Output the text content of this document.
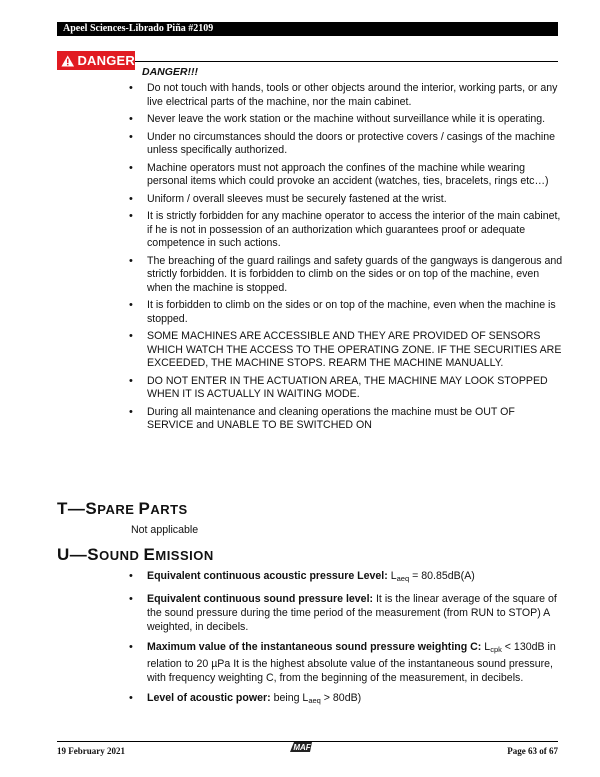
Apeel Sciences-Librado Piña #2109
DANGER
DANGER!!!
• Do not touch with hands, tools or other objects around the interior, working parts, or any live electrical parts of the machine, nor the main cabinet.
• Never leave the work station or the machine without surveillance while it is operating.
• Under no circumstances should the doors or protective covers / casings of the machine unless specifically authorized.
• Machine operators must not approach the confines of the machine while wearing personal items which could provoke an accident (watches, ties, bracelets, rings etc…)
• Uniform / overall sleeves must be securely fastened at the wrist.
• It is strictly forbidden for any machine operator to access the interior of the main cabinet, if he is not in possession of an authorization which guarantees proof or adequate competence in such actions.
• The breaching of the guard railings and safety guards of the gangways is dangerous and strictly forbidden. It is forbidden to climb on the sides or on top of the machine, even when the machine is stopped.
• It is forbidden to climb on the sides or on top of the machine, even when the machine is stopped.
• SOME MACHINES ARE ACCESSIBLE AND THEY ARE PROVIDED OF SENSORS WHICH WATCH THE ACCESS TO THE OPERATING ZONE. IF THE SECURITIES ARE EXCEEDED, THE MACHINE STOPS. REARM THE MACHINE MANUALLY.
• DO NOT ENTER IN THE ACTUATION AREA, THE MACHINE MAY LOOK STOPPED WHEN IT IS ACTUALLY IN WAITING MODE.
• During all maintenance and cleaning operations the machine must be OUT OF SERVICE and UNABLE TO BE SWITCHED ON
T—SPARE PARTS
Not applicable
U—SOUND EMISSION
• Equivalent continuous acoustic pressure Level: $L_{aeq} = 80.85dB(A)$
• Equivalent continuous sound pressure level: It is the linear average of the square of the sound pressure during the time period of the measurement (from RUN to STOP) A weighted, in decibels.
• Maximum value of the instantaneous sound pressure weighting C: $L_{cpk} < 130dB$ in relation to 20 µPa It is the highest absolute value of the instantaneous sound pressure, with frequency weighting C, from the beginning of the measurement, in decibels.
• Level of acoustic power: being $L_{aeq} > 80dB$)
19 February 2021	MAF	Page 63 of 67
